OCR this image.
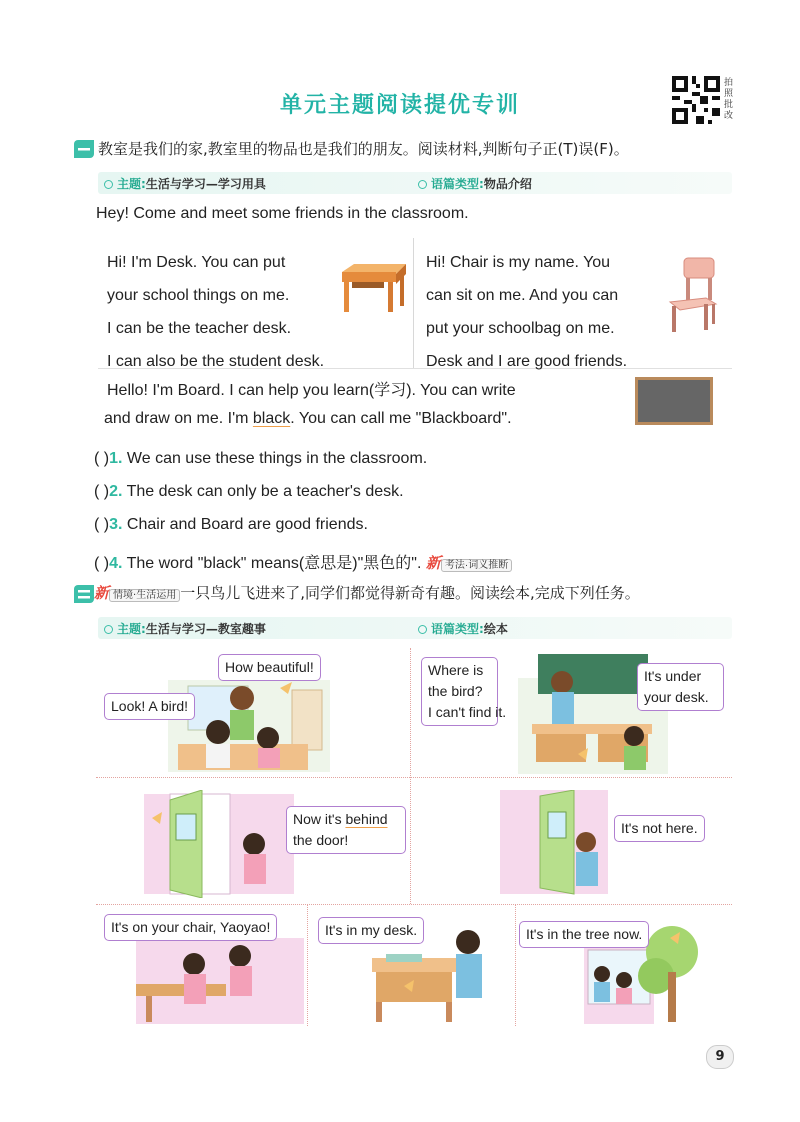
单元主题阅读提优专训
拍照批改
教室是我们的家,教室里的物品也是我们的朋友。阅读材料,判断句子正(T)误(F)。
主题:生活与学习—学习用具	语篇类型:物品介绍
Hey! Come and meet some friends in the classroom.
Hi! I'm Desk. You can put
your school things on me.
I can be the teacher desk.
I can also be the student desk.
Hi! Chair is my name. You
can sit on me. And you can
put your schoolbag on me.
Desk and I are good friends.
Hello! I'm Board. I can help you learn(学习). You can write
and draw on me. I'm black. You can call me "Blackboard".
( )1. We can use these things in the classroom.
( )2. The desk can only be a teacher's desk.
( )3. Chair and Board are good friends.
( )4. The word "black" means(意思是)"黑色的". 新 考法·词义推断
新情境·生活运用 一只鸟儿飞进来了,同学们都觉得新奇有趣。阅读绘本,完成下列任务。
主题:生活与学习—教室趣事	语篇类型:绘本
Look! A bird!
How beautiful!	Where is
the bird?
I can't find it.
It's under
your desk.
Now it's behind
the door!
It's not here.
It's on your chair, Yaoyao!	It's in my desk.	It's in the tree now.
9
